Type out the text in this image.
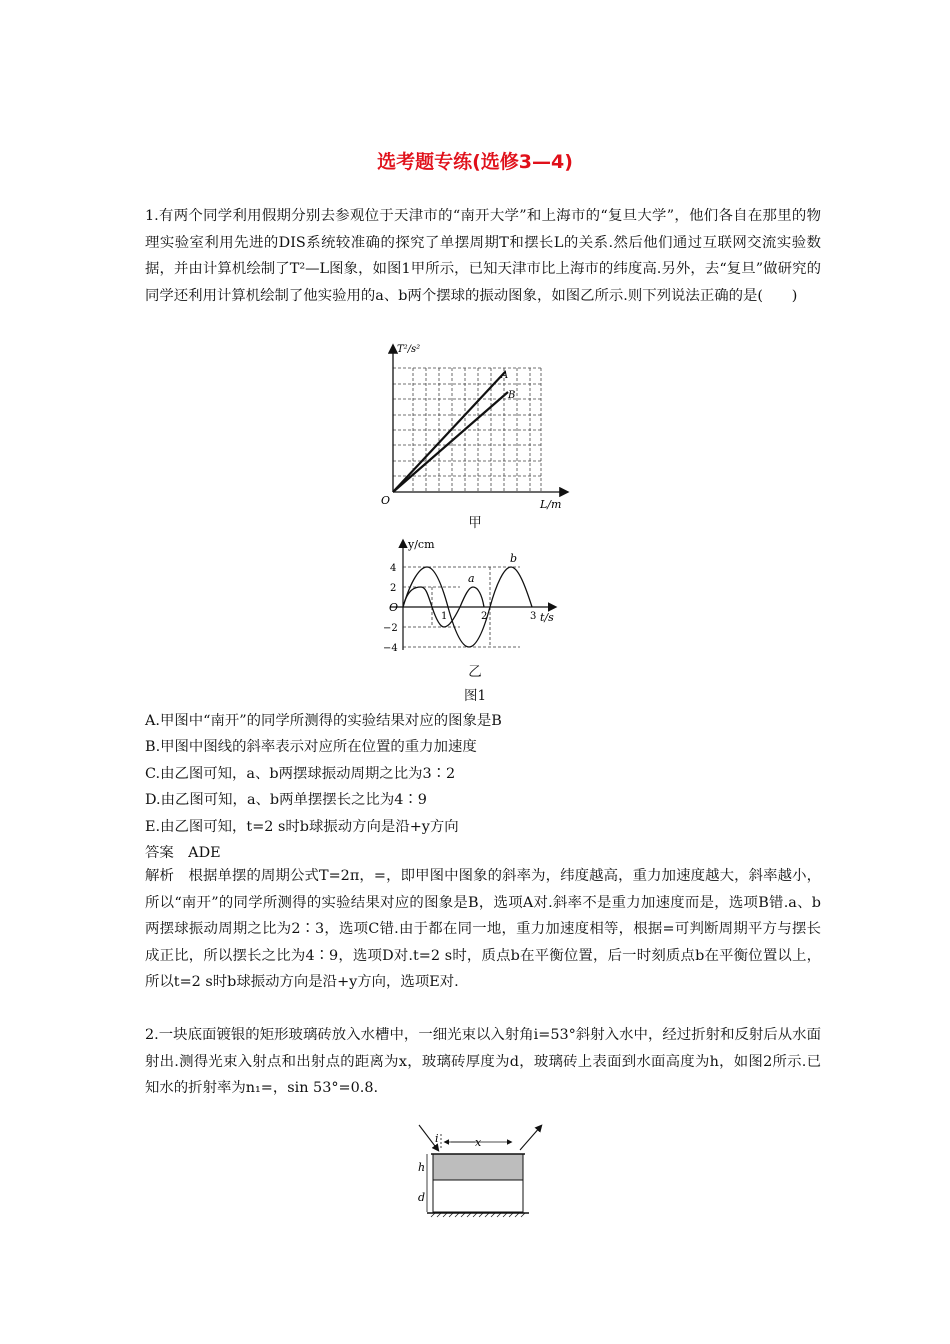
选考题专练(选修3—4)
1.有两个同学利用假期分别去参观位于天津市的“南开大学”和上海市的“复旦大学”，他们各自在那里的物理实验室利用先进的DIS系统较准确的探究了单摆周期T和摆长L的关系.然后他们通过互联网交流实验数据，并由计算机绘制了T²—L图象，如图1甲所示，已知天津市比上海市的纬度高.另外，去“复旦”做研究的同学还利用计算机绘制了他实验用的a、b两个摆球的振动图象，如图乙所示.则下列说法正确的是(　　)
T²/s²
L/m
O
A
B
甲
y/cm
t/s
O
4
2
−2
−4
1	2	3
a
b
乙
图1
A.甲图中“南开”的同学所测得的实验结果对应的图象是B
B.甲图中图线的斜率表示对应所在位置的重力加速度
C.由乙图可知，a、b两摆球振动周期之比为3∶2
D.由乙图可知，a、b两单摆摆长之比为4∶9
E.由乙图可知，t=2 s时b球振动方向是沿+y方向
答案　ADE
解析　根据单摆的周期公式T=2π，=，即甲图中图象的斜率为，纬度越高，重力加速度越大，斜率越小，所以“南开”的同学所测得的实验结果对应的图象是B，选项A对.斜率不是重力加速度而是，选项B错.a、b两摆球振动周期之比为2∶3，选项C错.由于都在同一地，重力加速度相等，根据=可判断周期平方与摆长成正比，所以摆长之比为4∶9，选项D对.t=2 s时，质点b在平衡位置，后一时刻质点b在平衡位置以上，所以t=2 s时b球振动方向是沿+y方向，选项E对.
2.一块底面镀银的矩形玻璃砖放入水槽中，一细光束以入射角i=53°斜射入水中，经过折射和反射后从水面射出.测得光束入射点和出射点的距离为x，玻璃砖厚度为d，玻璃砖上表面到水面高度为h，如图2所示.已知水的折射率为n₁=，sin 53°=0.8.
i	x
h
d
